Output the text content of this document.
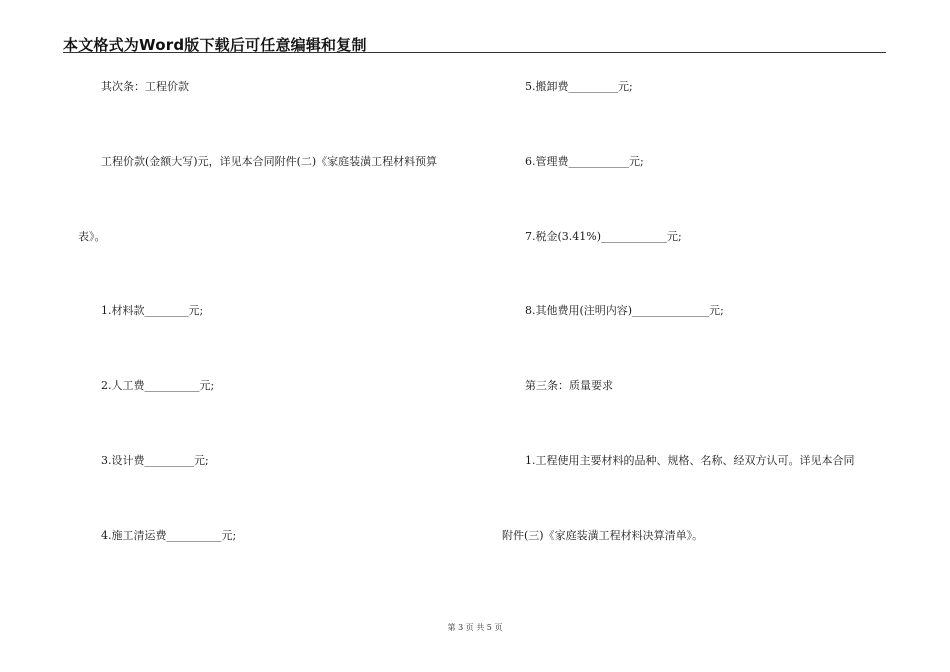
本文格式为Word版下载后可任意编辑和复制
其次条：工程价款
工程价款(金额大写)元，详见本合同附件(二)《家庭装潢工程材料预算
表》。
1.材料款________元;
2.人工费__________元;
3.设计费_________元;
4.施工清运费__________元;
5.搬卸费_________元;
6.管理费___________元;
7.税金(3.41%)____________元;
8.其他费用(注明内容)______________元;
第三条：质量要求
1.工程使用主要材料的品种、规格、名称、经双方认可。详见本合同
附件(三)《家庭装潢工程材料决算清单》。
第 3 页 共 5 页
